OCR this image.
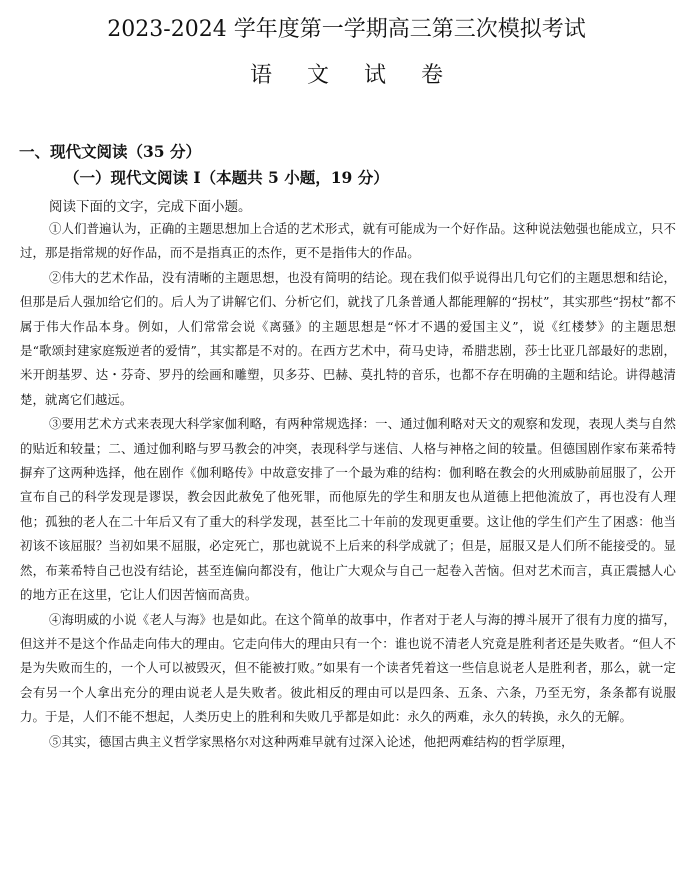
2023-2024 学年度第一学期高三第三次模拟考试
语 文 试 卷
一、现代文阅读（35 分）
（一）现代文阅读 I（本题共 5 小题，19 分）

阅读下面的文字，完成下面小题。

①人们普遍认为，正确的主题思想加上合适的艺术形式，就有可能成为一个好作品。这种说法勉强也能成立，只不过，那是指常规的好作品，而不是指真正的杰作，更不是指伟大的作品。

②伟大的艺术作品，没有清晰的主题思想，也没有简明的结论。现在我们似乎说得出几句它们的主题思想和结论，但那是后人强加给它们的。后人为了讲解它们、分析它们，就找了几条普通人都能理解的“拐杖”，其实那些“拐杖”都不属于伟大作品本身。例如，人们常常会说《离骚》的主题思想是“怀才不遇的爱国主义”，说《红楼梦》的主题思想是“歌颂封建家庭叛逆者的爱情”，其实都是不对的。在西方艺术中，荷马史诗，希腊悲剧，莎士比亚几部最好的悲剧，米开朗基罗、达・芬奇、罗丹的绘画和雕塑，贝多芬、巴赫、莫扎特的音乐，也都不存在明确的主题和结论。讲得越清楚，就离它们越远。

③要用艺术方式来表现大科学家伽利略，有两种常规选择：一、通过伽利略对天文的观察和发现，表现人类与自然的贴近和较量；二、通过伽利略与罗马教会的冲突，表现科学与迷信、人格与神格之间的较量。但德国剧作家布莱希特摒弃了这两种选择，他在剧作《伽利略传》中故意安排了一个最为难的结构：伽利略在教会的火刑威胁前屈服了，公开宣布自己的科学发现是谬误，教会因此赦免了他死罪，而他原先的学生和朋友也从道德上把他流放了，再也没有人理他；孤独的老人在二十年后又有了重大的科学发现，甚至比二十年前的发现更重要。这让他的学生们产生了困惑：他当初该不该屈服？当初如果不屈服，必定死亡，那也就说不上后来的科学成就了；但是，屈服又是人们所不能接受的。显然，布莱希特自己也没有结论，甚至连偏向都没有，他让广大观众与自己一起卷入苦恼。但对艺术而言，真正震撼人心的地方正在这里，它让人们因苦恼而高贵。

④海明威的小说《老人与海》也是如此。在这个简单的故事中，作者对于老人与海的搏斗展开了很有力度的描写，但这并不是这个作品走向伟大的理由。它走向伟大的理由只有一个：谁也说不清老人究竟是胜利者还是失败者。“但人不是为失败而生的，一个人可以被毁灭，但不能被打败。”如果有一个读者凭着这一些信息说老人是胜利者，那么，就一定会有另一个人拿出充分的理由说老人是失败者。彼此相反的理由可以是四条、五条、六条，乃至无穷，条条都有说服力。于是，人们不能不想起，人类历史上的胜利和失败几乎都是如此：永久的两难，永久的转换，永久的无解。

⑤其实，德国古典主义哲学家黑格尔对这种两难早就有过深入论述，他把两难结构的哲学原理，
